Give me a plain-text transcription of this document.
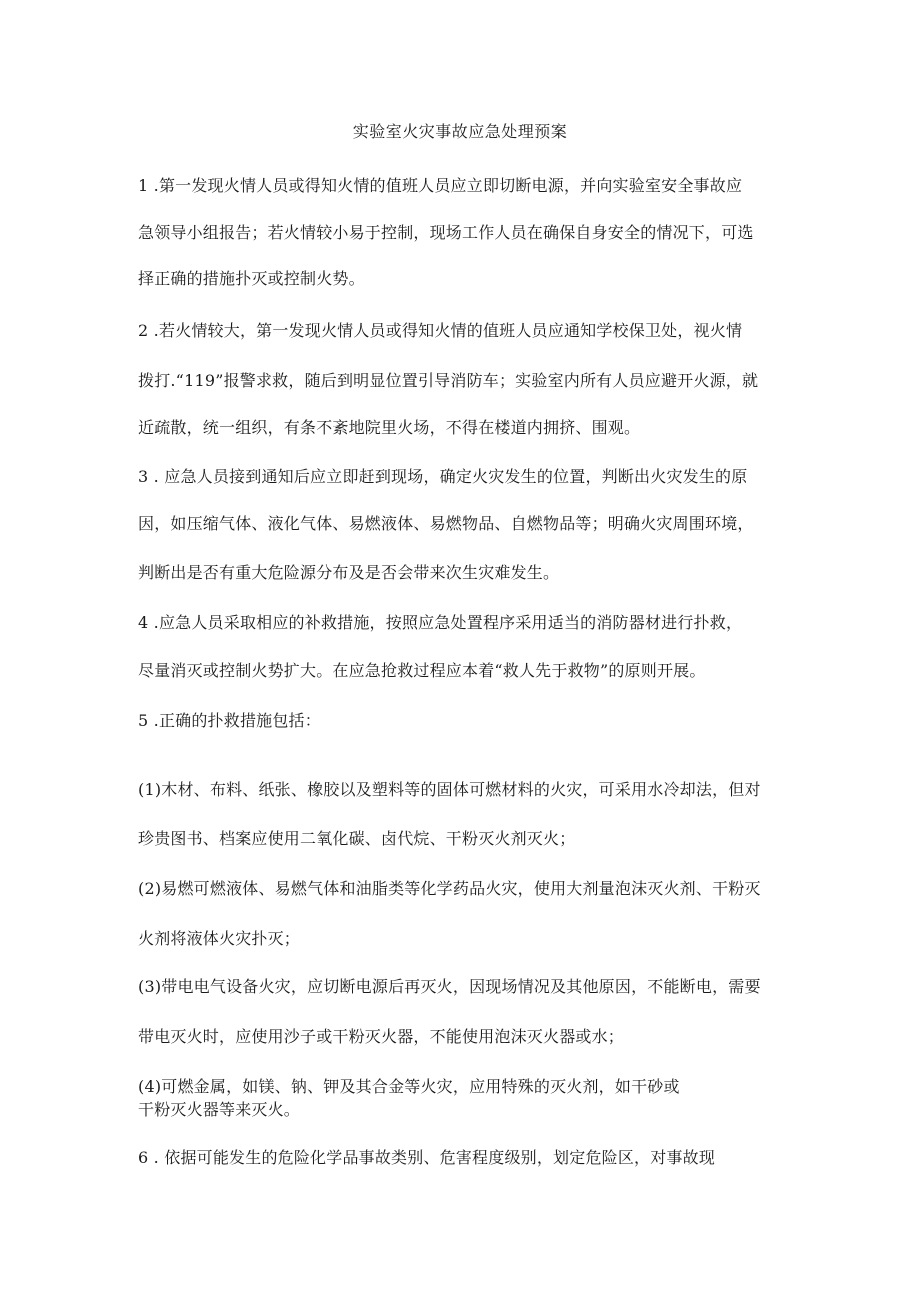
实验室火灾事故应急处理预案
1 .第一发现火情人员或得知火情的值班人员应立即切断电源，并向实验室安全事故应
急领导小组报告；若火情较小易于控制，现场工作人员在确保自身安全的情况下，可选
择正确的措施扑灭或控制火势。
2 .若火情较大，第一发现火情人员或得知火情的值班人员应通知学校保卫处，视火情
拨打.“119”报警求救，随后到明显位置引导消防车；实验室内所有人员应避开火源，就
近疏散，统一组织，有条不紊地院里火场，不得在楼道内拥挤、围观。
3 . 应急人员接到通知后应立即赶到现场，确定火灾发生的位置，判断出火灾发生的原
因，如压缩气体、液化气体、易燃液体、易燃物品、自燃物品等；明确火灾周围环境，
判断出是否有重大危险源分布及是否会带来次生灾难发生。
4 .应急人员采取相应的补救措施，按照应急处置程序采用适当的消防器材进行扑救，
尽量消灭或控制火势扩大。在应急抢救过程应本着“救人先于救物”的原则开展。
5 .正确的扑救措施包括：
(1)木材、布料、纸张、橡胶以及塑料等的固体可燃材料的火灾，可采用水冷却法，但对
珍贵图书、档案应使用二氧化碳、卤代烷、干粉灭火剂灭火；
(2)易燃可燃液体、易燃气体和油脂类等化学药品火灾，使用大剂量泡沫灭火剂、干粉灭
火剂将液体火灾扑灭；
(3)带电电气设备火灾，应切断电源后再灭火，因现场情况及其他原因，不能断电，需要
带电灭火时，应使用沙子或干粉灭火器，不能使用泡沫灭火器或水；
(4)可燃金属，如镁、钠、钾及其合金等火灾，应用特殊的灭火剂，如干砂或
干粉灭火器等来灭火。
6 . 依据可能发生的危险化学品事故类别、危害程度级别，划定危险区，对事故现
